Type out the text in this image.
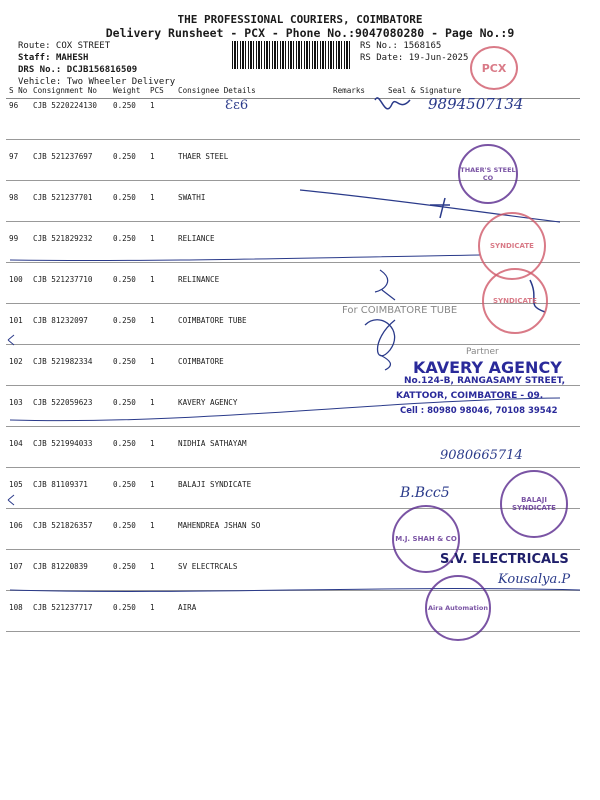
THE PROFESSIONAL COURIERS, COIMBATORE
Delivery Runsheet - PCX - Phone No.:9047080280 - Page No.:9
Route: COX STREET
Staff: MAHESH
DRS No.: DCJB156816509
Vehicle: Two Wheeler Delivery
RS No.: 1568165
RS Date: 19-Jun-2025
S No	Consignment No	Weight	PCS	Consignee Details	Remarks	Seal & Signature
96	CJB 5220224130	0.250	1			
97	CJB 521237697	0.250	1	THAER STEEL		
98	CJB 521237701	0.250	1	SWATHI		
99	CJB 521829232	0.250	1	RELIANCE		
100	CJB 521237710	0.250	1	RELINANCE		
101	CJB 81232097	0.250	1	COIMBATORE TUBE		
102	CJB 521982334	0.250	1	COIMBATORE		
103	CJB 522059623	0.250	1	KAVERY AGENCY		
104	CJB 521994033	0.250	1	NIDHIA SATHAYAM		
105	CJB 81109371	0.250	1	BALAJI SYNDICATE		
106	CJB 521826357	0.250	1	MAHENDREA JSHAN SO		
107	CJB 81220839	0.250	1	SV ELECTRCALS		
108	CJB 521237717	0.250	1	AIRA		
PCX
THAER'S STEEL CO
SYNDICATE
SYNDICATE
BALAJI SYNDICATE
M.J. SHAH & CO
Aira Automation
Ɛɛ6	9894507134
For COIMBATORE TUBE
Partner
KAVERY AGENCY
No.124-B, RANGASAMY STREET,
KATTOOR, COIMBATORE - 09.
Cell : 80980 98046, 70108 39542
9080665714
B.Bcc5
S.V. ELECTRICALS
Kousalya.P
